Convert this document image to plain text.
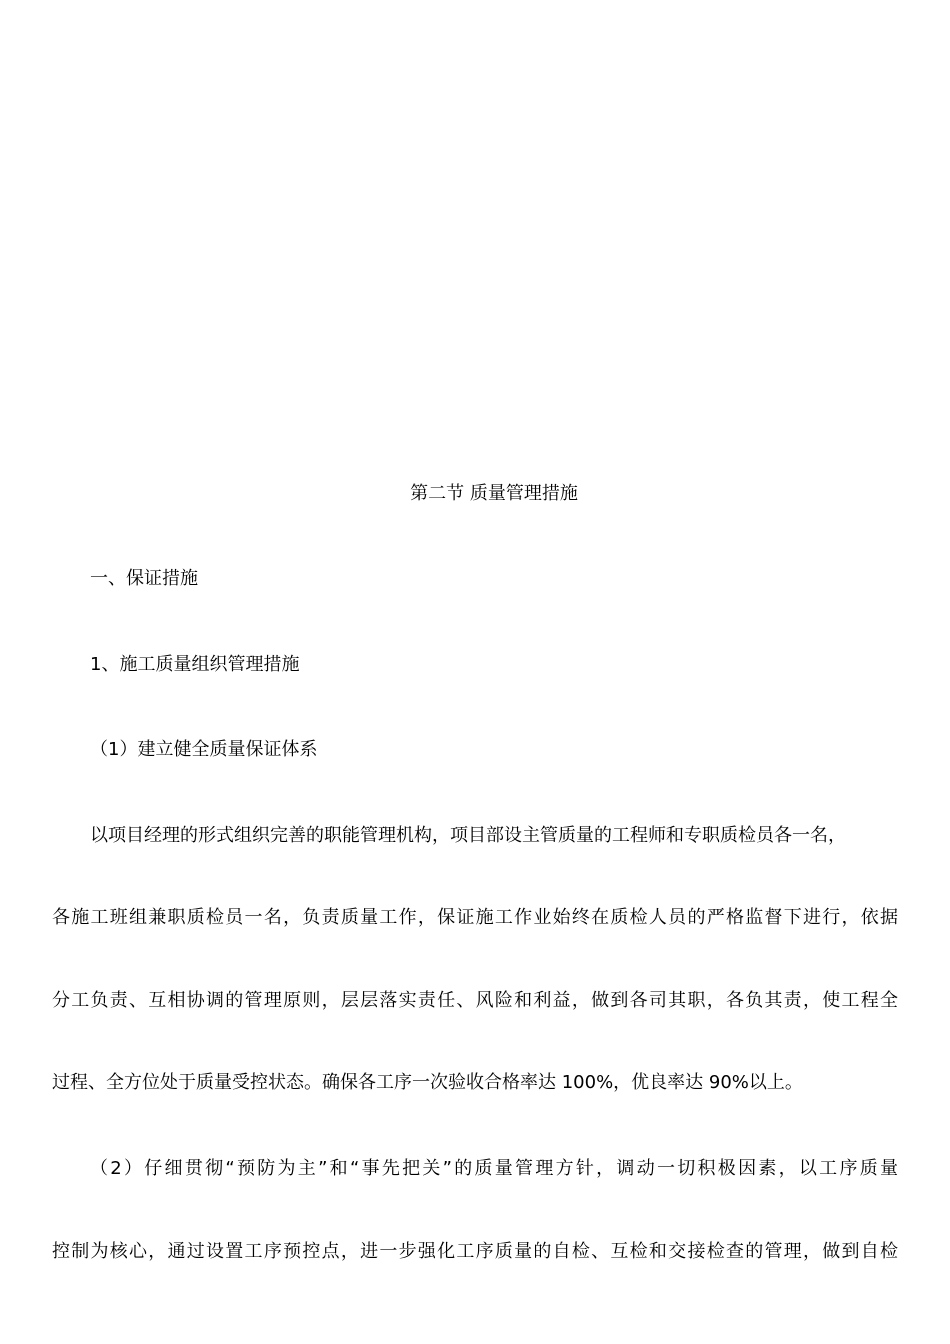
第二节 质量管理措施
一、保证措施
1、施工质量组织管理措施
（1）建立健全质量保证体系
以项目经理的形式组织完善的职能管理机构，项目部设主管质量的工程师和专职质检员各一名，
各施工班组兼职质检员一名，负责质量工作，保证施工作业始终在质检人员的严格监督下进行，依据
分工负责、互相协调的管理原则，层层落实责任、风险和利益，做到各司其职，各负其责，使工程全
过程、全方位处于质量受控状态。确保各工序一次验收合格率达 100%，优良率达 90%以上。
（2）仔细贯彻“预防为主”和“事先把关”的质量管理方针，调动一切积极因素，以工序质量
控制为核心，通过设置工序预控点，进一步强化工序质量的自检、互检和交接检查的管理，做到自检
